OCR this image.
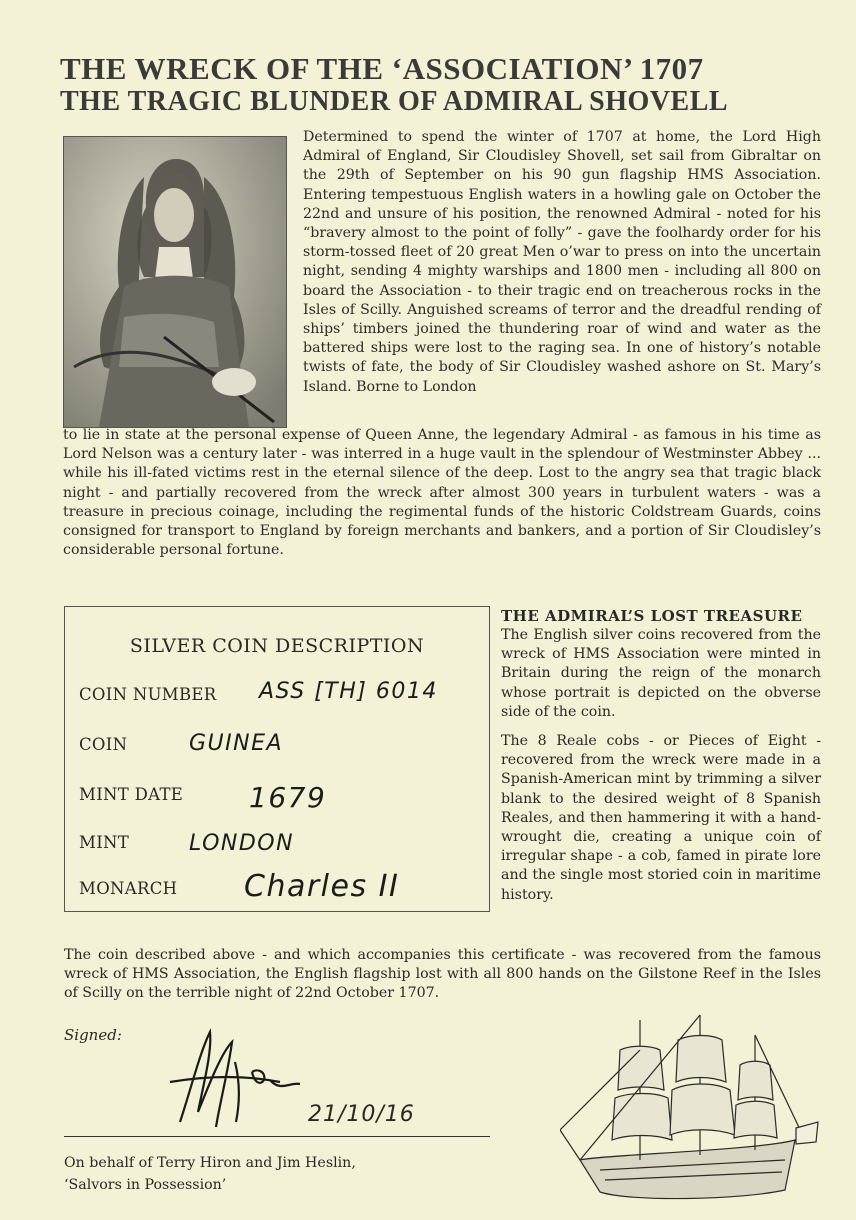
THE WRECK OF THE ‘ASSOCIATION’ 1707
THE TRAGIC BLUNDER OF ADMIRAL SHOVELL
Determined to spend the winter of 1707 at home, the Lord High Admiral of England, Sir Cloudisley Shovell, set sail from Gibraltar on the 29th of September on his 90 gun flagship HMS Association. Entering tempestuous English waters in a howling gale on October the 22nd and unsure of his position, the renowned Admiral - noted for his “bravery almost to the point of folly” - gave the foolhardy order for his storm-tossed fleet of 20 great Men o’war to press on into the uncertain night, sending 4 mighty warships and 1800 men - including all 800 on board the Association - to their tragic end on treacherous rocks in the Isles of Scilly. Anguished screams of terror and the dreadful rending of ships’ timbers joined the thundering roar of wind and water as the battered ships were lost to the raging sea. In one of history’s notable twists of fate, the body of Sir Cloudisley washed ashore on St. Mary’s Island. Borne to London
to lie in state at the personal expense of Queen Anne, the legendary Admiral - as famous in his time as Lord Nelson was a century later - was interred in a huge vault in the splendour of Westminster Abbey ... while his ill-fated victims rest in the eternal silence of the deep. Lost to the angry sea that tragic black night - and partially recovered from the wreck after almost 300 years in turbulent waters - was a treasure in precious coinage, including the regimental funds of the historic Coldstream Guards, coins consigned for transport to England by foreign merchants and bankers, and a portion of Sir Cloudisley’s considerable personal fortune.
SILVER COIN DESCRIPTION
COIN NUMBER ASS [TH] 6014
COIN	GUINEA
MINT DATE 1679
MINT	LONDON
MONARCH Charles II
THE ADMIRAL’S LOST TREASURE

The English silver coins recovered from the wreck of HMS Association were minted in Britain during the reign of the monarch whose portrait is depicted on the obverse side of the coin.

The 8 Reale cobs - or Pieces of Eight - recovered from the wreck were made in a Spanish-American mint by trimming a silver blank to the desired weight of 8 Spanish Reales, and then hammering it with a hand-wrought die, creating a unique coin of irregular shape - a cob, famed in pirate lore and the single most storied coin in maritime history.

The coin described above - and which accompanies this certificate - was recovered from the famous wreck of HMS Association, the English flagship lost with all 800 hands on the Gilstone Reef in the Isles of Scilly on the terrible night of 22nd October 1707.
Signed:
21/10/16
On behalf of Terry Hiron and Jim Heslin,
‘Salvors in Possession’
